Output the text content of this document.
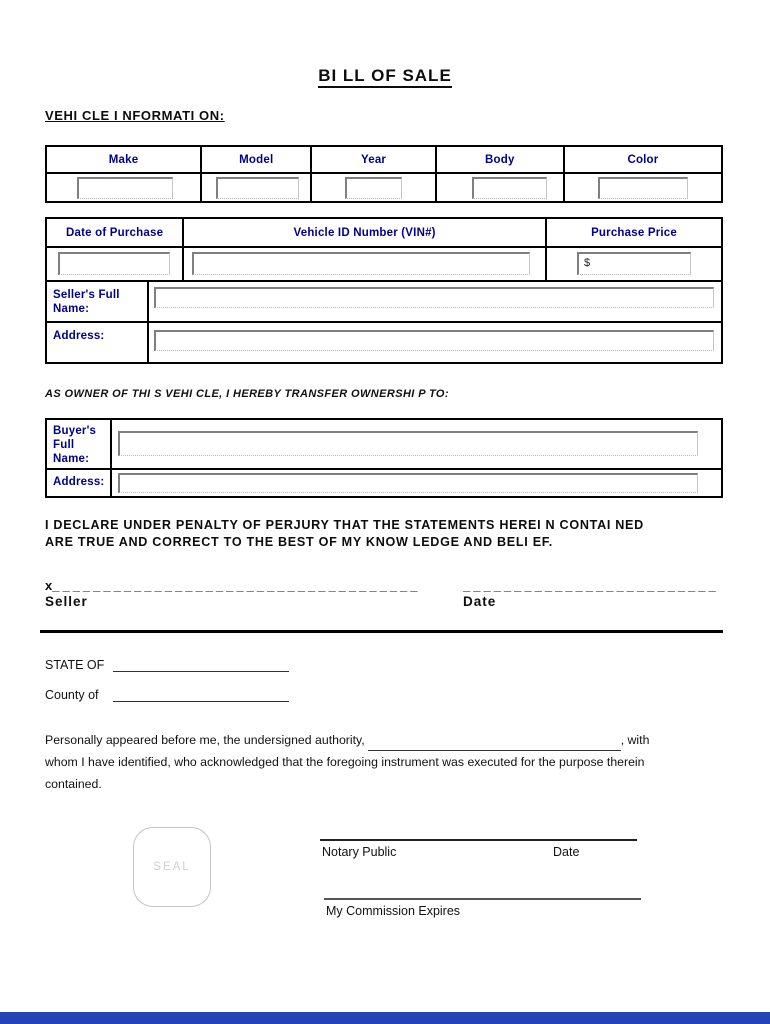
BI LL OF SALE
VEHI CLE I NFORMATI ON:
Make	Model	Year	Body	Color
Date of Purchase	Vehicle ID Number (VIN#)	Purchase Price
$
Seller's Full Name:
Address:
AS OWNER OF THI S VEHI CLE, I HEREBY TRANSFER OWNERSHI P TO:
Buyer's Full Name:
Address:
I DECLARE UNDER PENALTY OF PERJURY THAT THE STATEMENTS HEREI N CONTAI NED
ARE TRUE AND CORRECT TO THE BEST OF MY KNOW LEDGE AND BELI EF.
x____________________________________	_________________________
Seller	Date
STATE OF
County of
Personally appeared before me, the undersigned authority,	, with
whom I have identified, who acknowledged that the foregoing instrument was executed for the purpose therein
contained.
SEAL
Notary Public	Date
My Commission Expires
